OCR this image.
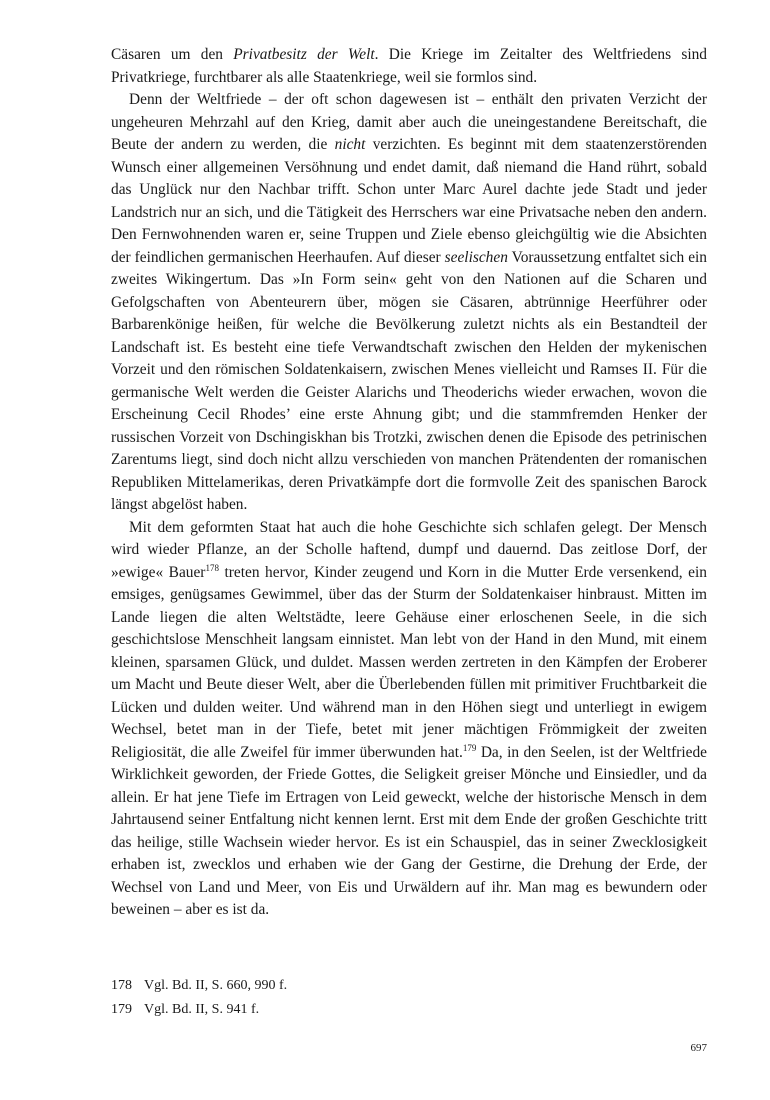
Cäsaren um den Privatbesitz der Welt. Die Kriege im Zeitalter des Weltfriedens sind Privatkriege, furchtbarer als alle Staatenkriege, weil sie formlos sind.

Denn der Weltfriede – der oft schon dagewesen ist – enthält den privaten Verzicht der ungeheuren Mehrzahl auf den Krieg, damit aber auch die uneingestandene Bereitschaft, die Beute der andern zu werden, die nicht verzichten. Es beginnt mit dem staatenzerstörenden Wunsch einer allgemeinen Versöhnung und endet damit, daß niemand die Hand rührt, sobald das Unglück nur den Nachbar trifft. Schon unter Marc Aurel dachte jede Stadt und jeder Landstrich nur an sich, und die Tätigkeit des Herrschers war eine Privatsache neben den andern. Den Fernwohnenden waren er, seine Truppen und Ziele ebenso gleichgültig wie die Absichten der feindlichen germanischen Heerhaufen. Auf dieser seelischen Voraussetzung entfaltet sich ein zweites Wikingertum. Das »In Form sein« geht von den Nationen auf die Scharen und Gefolgschaften von Abenteurern über, mögen sie Cäsaren, abtrünnige Heerführer oder Barbarenkönige heißen, für welche die Bevölkerung zuletzt nichts als ein Bestandteil der Landschaft ist. Es besteht eine tiefe Verwandtschaft zwischen den Helden der mykenischen Vorzeit und den römischen Soldatenkaisern, zwischen Menes vielleicht und Ramses II. Für die germanische Welt werden die Geister Alarichs und Theoderichs wieder erwachen, wovon die Erscheinung Cecil Rhodes’ eine erste Ahnung gibt; und die stammfremden Henker der russischen Vorzeit von Dschingiskhan bis Trotzki, zwischen denen die Episode des petrinischen Zarentums liegt, sind doch nicht allzu verschieden von manchen Prätendenten der romanischen Republiken Mittelamerikas, deren Privatkämpfe dort die formvolle Zeit des spanischen Barock längst abgelöst haben.

Mit dem geformten Staat hat auch die hohe Geschichte sich schlafen gelegt. Der Mensch wird wieder Pflanze, an der Scholle haftend, dumpf und dauernd. Das zeitlose Dorf, der »ewige« Bauer$^{178}$ treten hervor, Kinder zeugend und Korn in die Mutter Erde versenkend, ein emsiges, genügsames Gewimmel, über das der Sturm der Soldatenkaiser hinbraust. Mitten im Lande liegen die alten Weltstädte, leere Gehäuse einer erloschenen Seele, in die sich geschichtslose Menschheit langsam einnistet. Man lebt von der Hand in den Mund, mit einem kleinen, sparsamen Glück, und duldet. Massen werden zertreten in den Kämpfen der Eroberer um Macht und Beute dieser Welt, aber die Überlebenden füllen mit primitiver Fruchtbarkeit die Lücken und dulden weiter. Und während man in den Höhen siegt und unterliegt in ewigem Wechsel, betet man in der Tiefe, betet mit jener mächtigen Frömmigkeit der zweiten Religiosität, die alle Zweifel für immer überwunden hat.$^{179}$ Da, in den Seelen, ist der Weltfriede Wirklichkeit geworden, der Friede Gottes, die Seligkeit greiser Mönche und Einsiedler, und da allein. Er hat jene Tiefe im Ertragen von Leid geweckt, welche der historische Mensch in dem Jahrtausend seiner Entfaltung nicht kennen lernt. Erst mit dem Ende der großen Geschichte tritt das heilige, stille Wachsein wieder hervor. Es ist ein Schauspiel, das in seiner Zwecklosigkeit erhaben ist, zwecklos und erhaben wie der Gang der Gestirne, die Drehung der Erde, der Wechsel von Land und Meer, von Eis und Urwäldern auf ihr. Man mag es bewundern oder beweinen – aber es ist da.

178 Vgl. Bd. II, S. 660, 990 f.
179 Vgl. Bd. II, S. 941 f.
697
